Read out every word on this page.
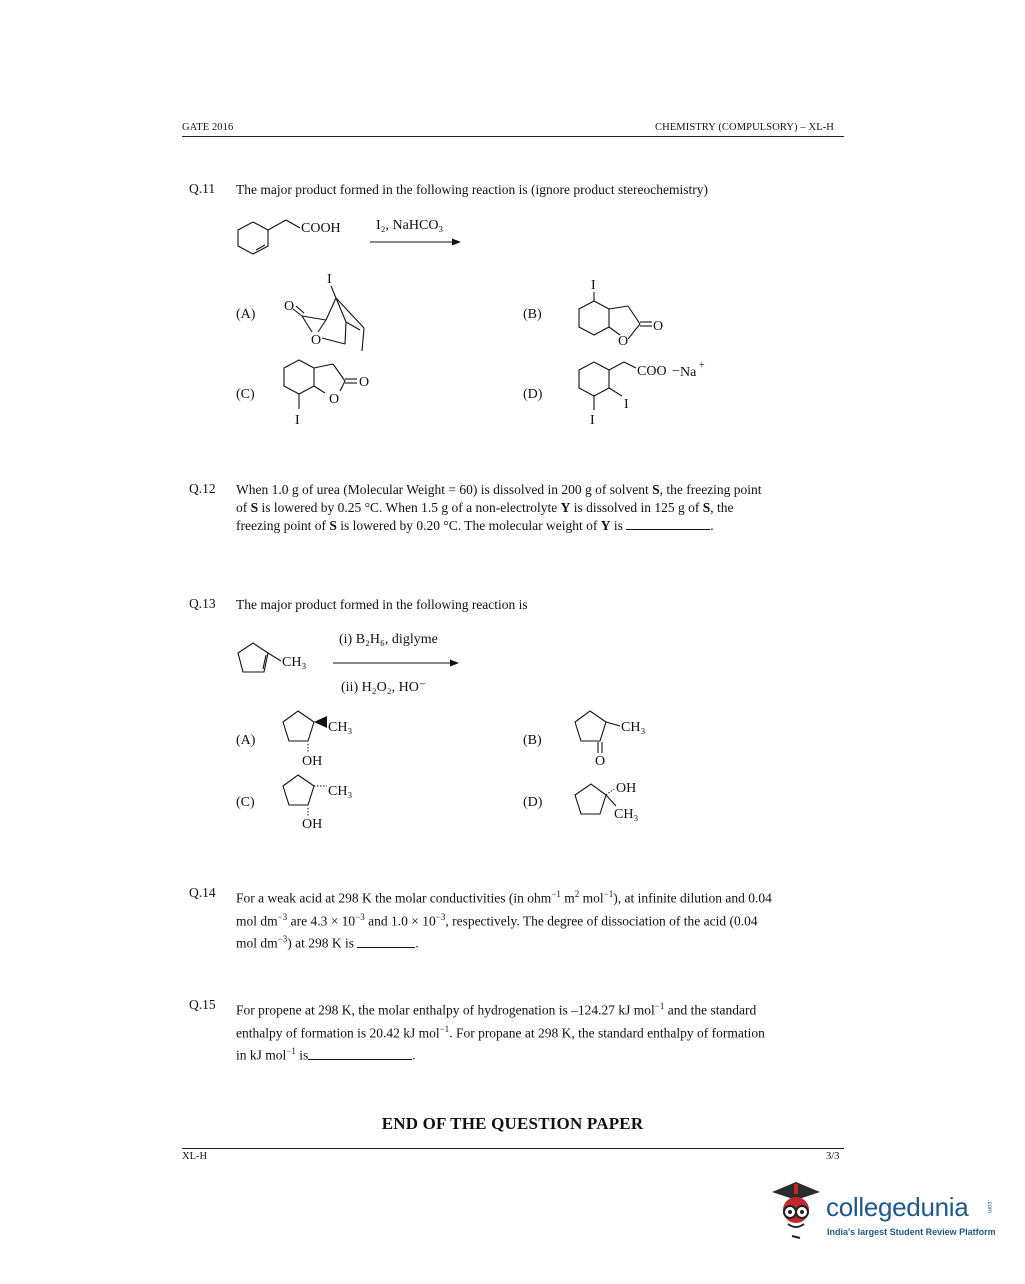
GATE 2016	CHEMISTRY (COMPULSORY) – XL-H
Q.11 The major product formed in the following reaction is (ignore product stereochemistry)
COOH	I₂, NaHCO₃
I
O
O
(A)
I
O
O
(B)
O
O
I
(C)
COO − Na +
I
I
(D)
Q.12 When 1.0 g of urea (Molecular Weight = 60) is dissolved in 200 g of solvent S, the freezing point
of S is lowered by 0.25 °C. When 1.5 g of a non-electrolyte Y is dissolved in 125 g of S, the
freezing point of S is lowered by 0.20 °C. The molecular weight of Y is	.
Q.13 The major product formed in the following reaction is
CH₃
(i) B₂H₆, diglyme
(ii) H₂O₂, HO⁻
CH₃
OH
(A)
CH₃
O
(B)
CH₃
OH
(C)
OH
CH₃
(D)
Q.14 For a weak acid at 298 K the molar conductivities (in ohm$^{-1}$ $m^2$ mol$^{-1}$), at infinite dilution and 0.04
mol $dm^{-3}$ are $4.3 \times 10^{-3}$ and $1.0 \times 10^{-3}$, respectively. The degree of dissociation of the acid (0.04
mol $dm^{-3}$) at 298 K is	.
Q.15 For propene at 298 K, the molar enthalpy of hydrogenation is –124.27 kJ mol$^{-1}$ and the standard
enthalpy of formation is 20.42 kJ mol$^{-1}$. For propane at 298 K, the standard enthalpy of formation
in kJ mol$^{-1}$ is	.
END OF THE QUESTION PAPER
XL-H	3/3
collegedunia	.com
India's largest Student Review Platform
